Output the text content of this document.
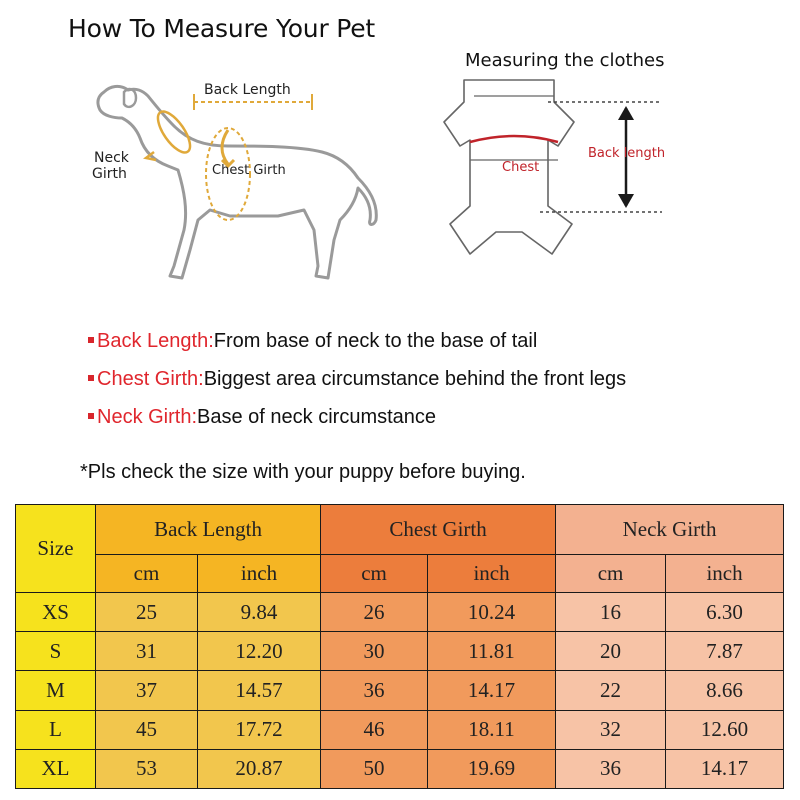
How To Measure Your Pet
Back Length
Neck
Girth	Chest Girth
Measuring the clothes
Chest
Back length
Back Length:From base of neck to the base of tail
Chest Girth:Biggest area circumstance behind the front legs
Neck Girth:Base of neck circumstance
*Pls check the size with your puppy before buying.
Size	Back Length		Chest Girth		Neck Girth	
	cm	inch	cm	inch	cm	inch
XS	25	9.84	26	10.24	16	6.30
S	31	12.20	30	11.81	20	7.87
M	37	14.57	36	14.17	22	8.66
L	45	17.72	46	18.11	32	12.60
XL	53	20.87	50	19.69	36	14.17
